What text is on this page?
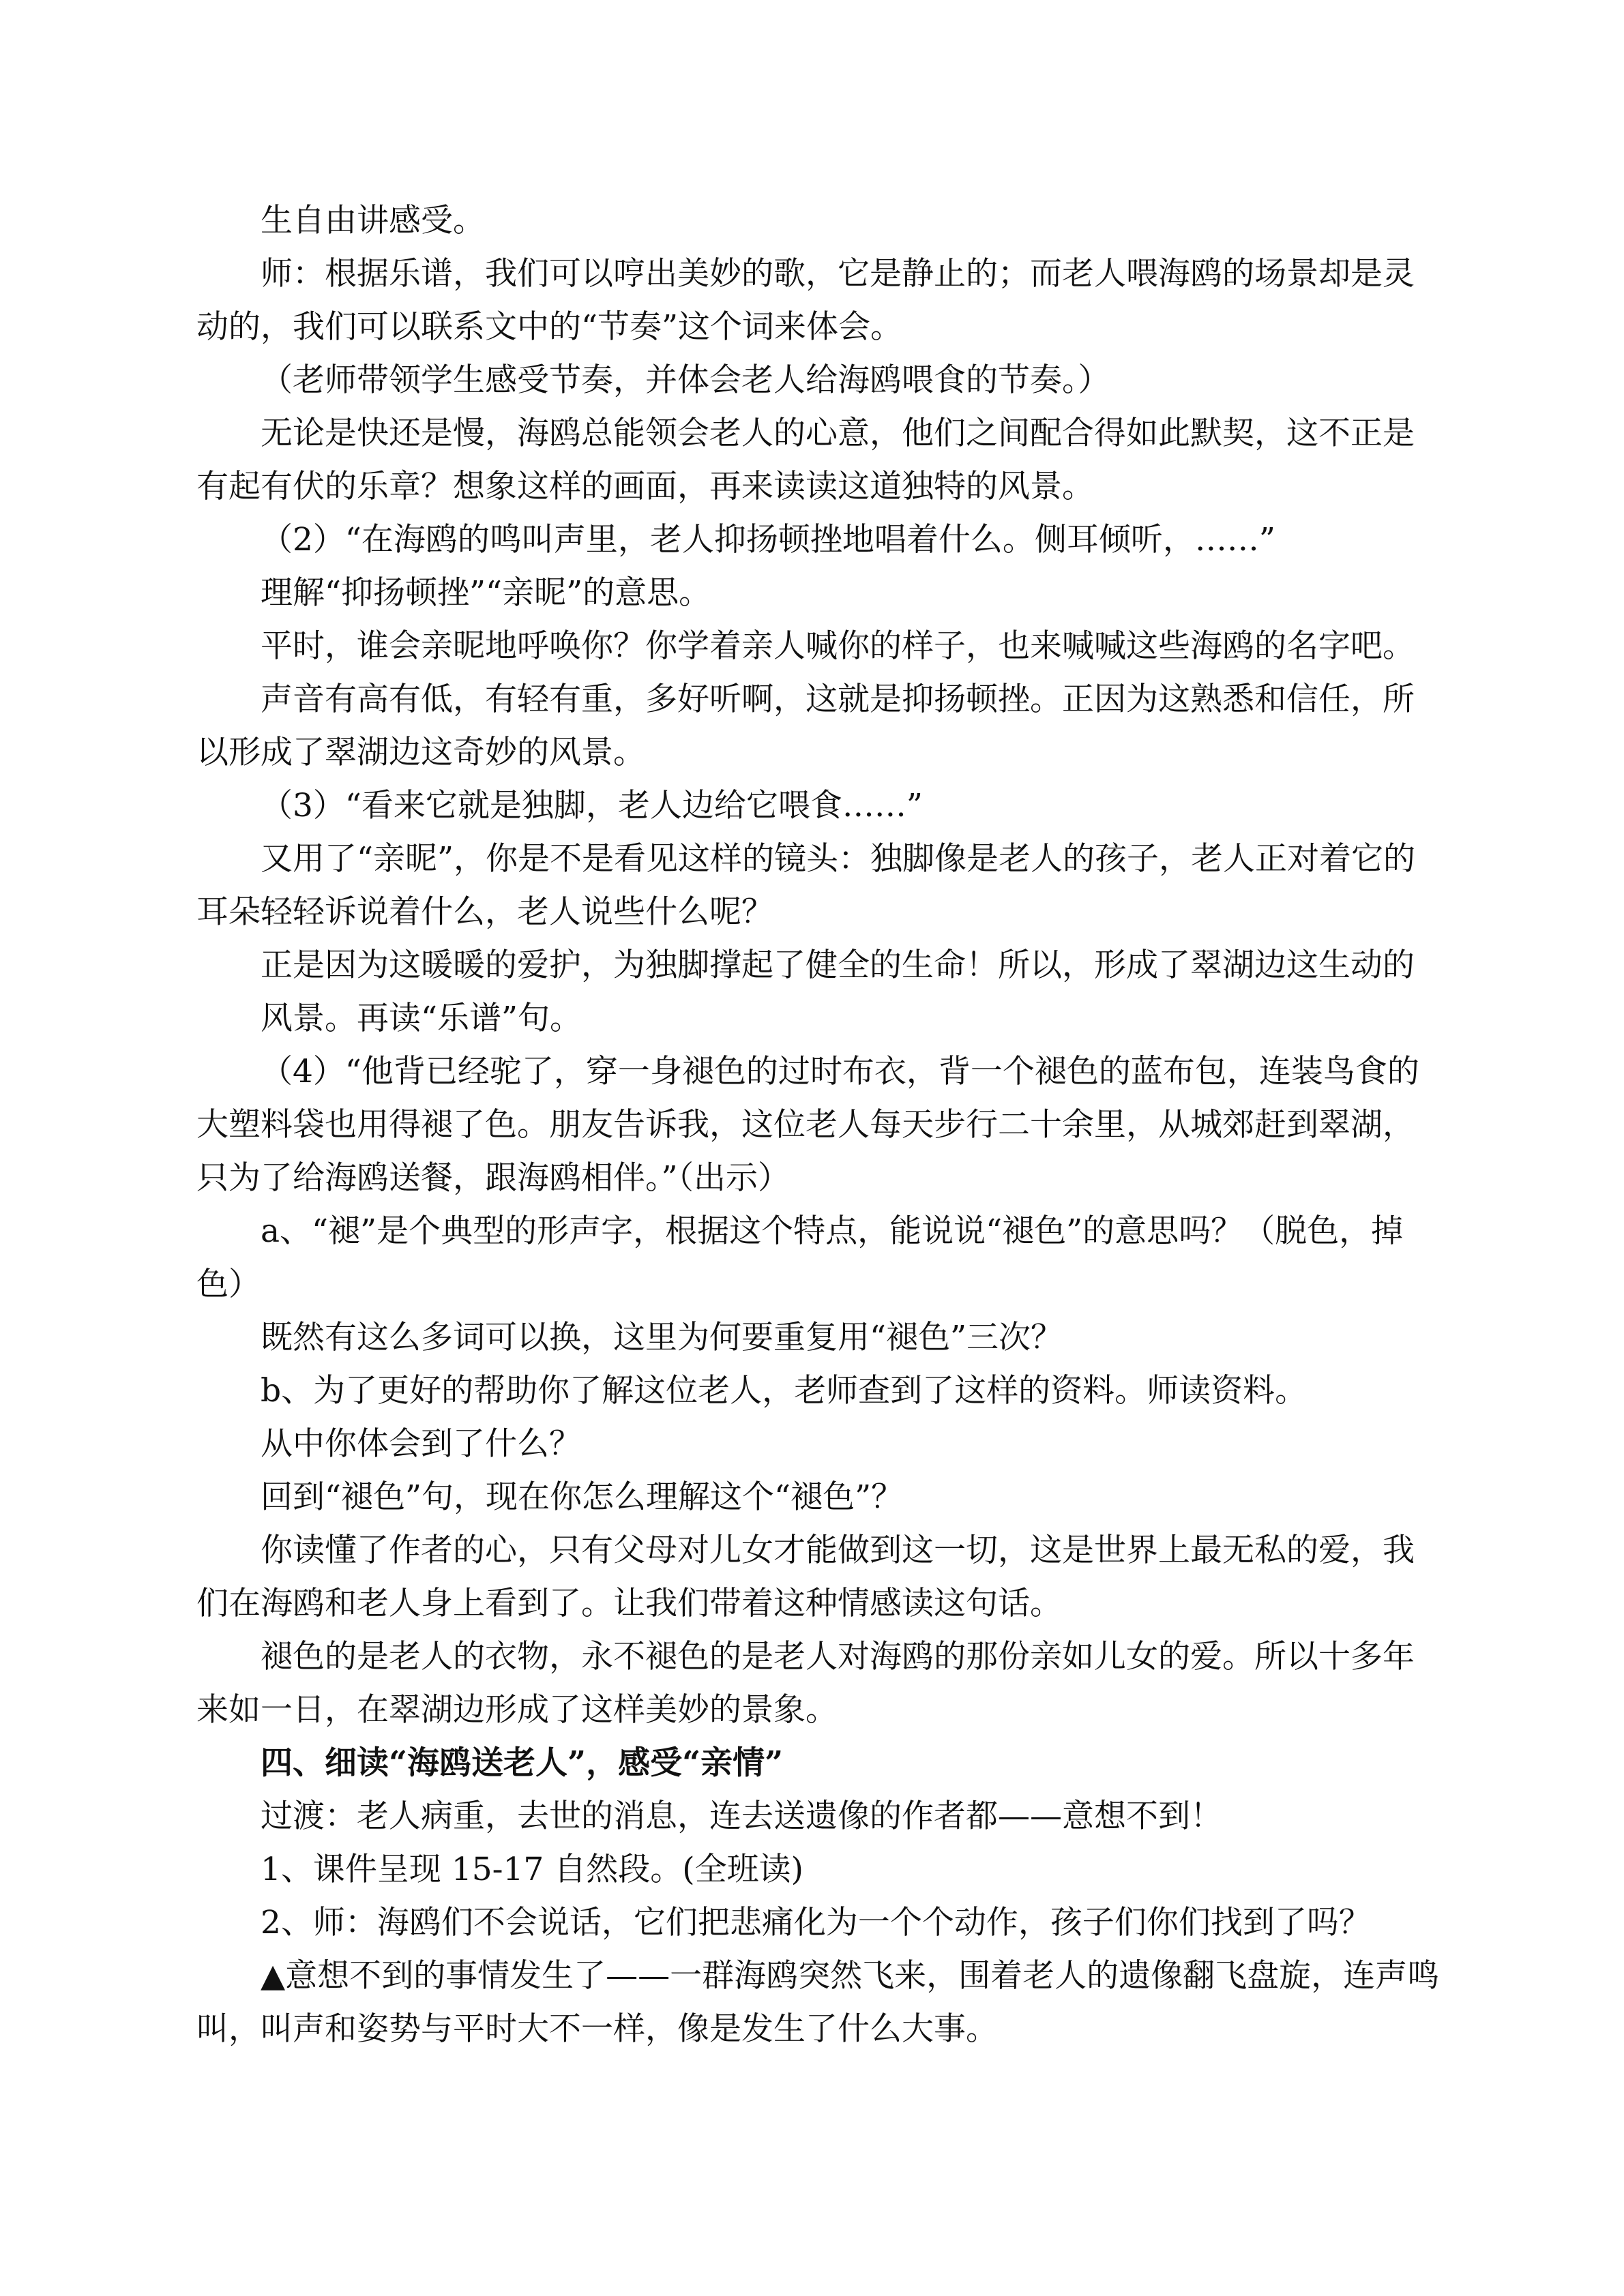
生自由讲感受。

师：根据乐谱，我们可以哼出美妙的歌，它是静止的；而老人喂海鸥的场景却是灵动的，我们可以联系文中的“节奏”这个词来体会。

（老师带领学生感受节奏，并体会老人给海鸥喂食的节奏。）

无论是快还是慢，海鸥总能领会老人的心意，他们之间配合得如此默契，这不正是有起有伏的乐章？想象这样的画面，再来读读这道独特的风景。

（2）“在海鸥的鸣叫声里，老人抑扬顿挫地唱着什么。侧耳倾听，……”

理解“抑扬顿挫”“亲昵”的意思。

平时，谁会亲昵地呼唤你？你学着亲人喊你的样子，也来喊喊这些海鸥的名字吧。

声音有高有低，有轻有重，多好听啊，这就是抑扬顿挫。正因为这熟悉和信任，所以形成了翠湖边这奇妙的风景。

（3）“看来它就是独脚，老人边给它喂食……”

又用了“亲昵”，你是不是看见这样的镜头：独脚像是老人的孩子，老人正对着它的耳朵轻轻诉说着什么，老人说些什么呢？

正是因为这暖暖的爱护，为独脚撑起了健全的生命！所以，形成了翠湖边这生动的

风景。再读“乐谱”句。

（4）“他背已经驼了，穿一身褪色的过时布衣，背一个褪色的蓝布包，连装鸟食的大塑料袋也用得褪了色。朋友告诉我，这位老人每天步行二十余里，从城郊赶到翠湖，只为了给海鸥送餐，跟海鸥相伴。”（出示）

a、“褪”是个典型的形声字，根据这个特点，能说说“褪色”的意思吗？（脱色，掉色）

既然有这么多词可以换，这里为何要重复用“褪色”三次？

b、为了更好的帮助你了解这位老人，老师查到了这样的资料。师读资料。

从中你体会到了什么？

回到“褪色”句，现在你怎么理解这个“褪色”？

你读懂了作者的心，只有父母对儿女才能做到这一切，这是世界上最无私的爱，我们在海鸥和老人身上看到了。让我们带着这种情感读这句话。

褪色的是老人的衣物，永不褪色的是老人对海鸥的那份亲如儿女的爱。所以十多年来如一日，在翠湖边形成了这样美妙的景象。

四、细读“海鸥送老人”，感受“亲情”

过渡：老人病重，去世的消息，连去送遗像的作者都——意想不到！

1、课件呈现 15-17 自然段。(全班读)

2、师：海鸥们不会说话，它们把悲痛化为一个个动作，孩子们你们找到了吗？

▲意想不到的事情发生了——一群海鸥突然飞来，围着老人的遗像翻飞盘旋，连声鸣叫，叫声和姿势与平时大不一样，像是发生了什么大事。
